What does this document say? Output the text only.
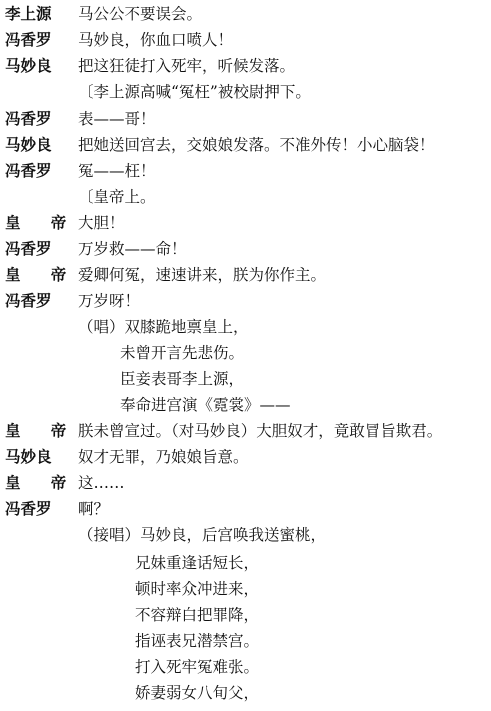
李上源 马公公不要误会。
冯香罗 马妙良，你血口喷人！
马妙良 把这狂徒打入死牢，听候发落。
〔李上源高喊“冤枉”被校尉押下。
冯香罗 表——哥！
马妙良 把她送回宫去，交娘娘发落。不准外传！小心脑袋！
冯香罗 冤——枉！
〔皇帝上。
皇 帝 大胆！
冯香罗 万岁救——命！
皇 帝 爱卿何冤，速速讲来，朕为你作主。
冯香罗 万岁呀！
（唱）双膝跪地禀皇上，
未曾开言先悲伤。
臣妾表哥李上源，
奉命进宫演《霓裳》——
皇 帝 朕未曾宣过。（对马妙良）大胆奴才，竟敢冒旨欺君。
马妙良 奴才无罪，乃娘娘旨意。
皇 帝 这……
冯香罗 啊？
（接唱）马妙良，后宫唤我送蜜桃，
兄妹重逢话短长，
顿时率众冲进来，
不容辩白把罪降，
指诬表兄潜禁宫。
打入死牢冤难张。
娇妻弱女八旬父，
